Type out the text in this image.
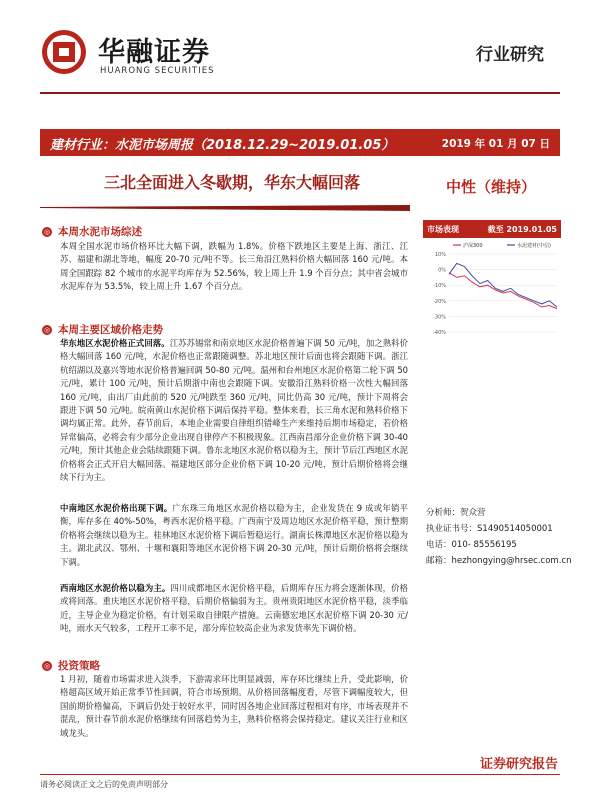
华融证券
HUARONG SECURITIES
行业研究
建材行业：水泥市场周报（2018.12.29~2019.01.05）	2019 年 01 月 07 日
三北全面进入冬歇期，华东大幅回落	中性（维持）
◎ 本周水泥市场综述

本周全国水泥市场价格环比大幅下调，跌幅为 1.8%。价格下跌地区主要是上海、浙江、江苏、福建和湖北等地，幅度 20-70 元/吨不等。长三角沿江熟料价格大幅回落 160 元/吨。本周全国跟踪 82 个城市的水泥平均库存为 52.56%，较上周上升 1.9 个百分点；其中省会城市水泥库存为 53.5%，较上周上升 1.67 个百分点。

◎ 本周主要区域价格走势

华东地区水泥价格正式回落。江苏苏锡常和南京地区水泥价格普遍下调 50 元/吨，加之熟料价格大幅回落 160 元/吨，水泥价格也正常跟随调整。苏北地区预计后面也将会跟随下调。浙江杭绍湖以及嘉兴等地水泥价格普遍回调 50-80 元/吨。温州和台州地区水泥价格第二轮下调 50 元/吨，累计 100 元/吨，预计后期浙中南也会跟随下调。安徽沿江熟料价格一次性大幅回落 160 元/吨，由出厂由此前的 520 元/吨跌至 360 元/吨，同比仍高 30 元/吨，预计下周将会跟进下调 50 元/吨。皖南黄山水泥价格下调后保持平稳。整体来看，长三角水泥和熟料价格下调均属正常。此外，春节前后，本地企业需要自律组织错峰生产来维持后期市场稳定，若价格异常偏高，必将会有少部分企业出现自律停产不积极现象。江西南昌部分企业价格下调 30-40 元/吨，预计其他企业会陆续跟随下调。鲁东北地区水泥价格以稳为主，预计节后江西地区水泥价格将会正式开启大幅回落。福建地区部分企业价格下调 10-20 元/吨，预计后期价格将会继续下行为主。

中南地区水泥价格出现下调。广东珠三角地区水泥价格以稳为主，企业发货在 9 成或年销平衡，库存多在 40%-50%，粤西水泥价格平稳。广西南宁及周边地区水泥价格平稳，预计整期价格将会继续以稳为主。桂林地区水泥价格下调后暂稳运行。湖南长株潭地区水泥价格以稳为主。湖北武汉、鄂州、十堰和襄阳等地区水泥价格下调 20-30 元/吨，预计后期价格将会继续下调。

西南地区水泥价格以稳为主。四川成都地区水泥价格平稳，后期库存压力将会逐渐体现，价格或将回落。重庆地区水泥价格平稳，后期价格偏弱为主。贵州贵阳地区水泥价格平稳，淡季临近，主导企业为稳定价格，有计划采取自律限产措施。云南德宏地区水泥价格下调 20-30 元/吨，雨水天气较多，工程开工率不足，部分库位较高企业为求发货率先下调价格。

◎ 投资策略

1 月初，随着市场需求进入淡季，下游需求环比明显减弱，库存环比继续上升，受此影响，价格超高区域开始正常季节性回调，符合市场预期。从价格回落幅度看，尽管下调幅度较大，但国前期价格偏高，下调后仍处于较好水平，同时因各地企业回落过程相对有序，市场表现并不混乱，预计春节前水泥价格继续有回落趋势为主，熟料价格将会保持稳定。建议关注行业和区域龙头。

市场表现	截至 2019.01.05
10%
0%
-10%
-20%
-30%
-40%
沪深300	水泥建材(中信)
分析师：贺众营
执业证书号：S1490514050001
电话：010- 85556195
邮箱：hezhongying@hrsec.com.cn
证券研究报告
请务必阅读正文之后的免责声明部分
